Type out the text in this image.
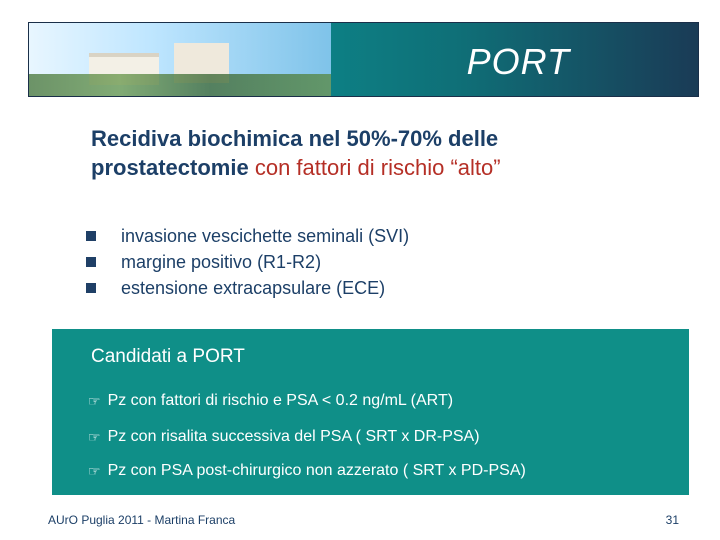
PORT
Recidiva biochimica nel 50%-70% delle prostatectomie con fattori di rischio “alto”
invasione vescichette seminali (SVI)
margine positivo (R1-R2)
estensione extracapsulare (ECE)
Candidati a PORT
☞ Pz con fattori di rischio e PSA < 0.2 ng/mL (ART)
☞ Pz con risalita successiva del PSA ( SRT x DR-PSA)
☞ Pz con PSA post-chirurgico non azzerato ( SRT x PD-PSA)
AUrO Puglia 2011 - Martina Franca	31
